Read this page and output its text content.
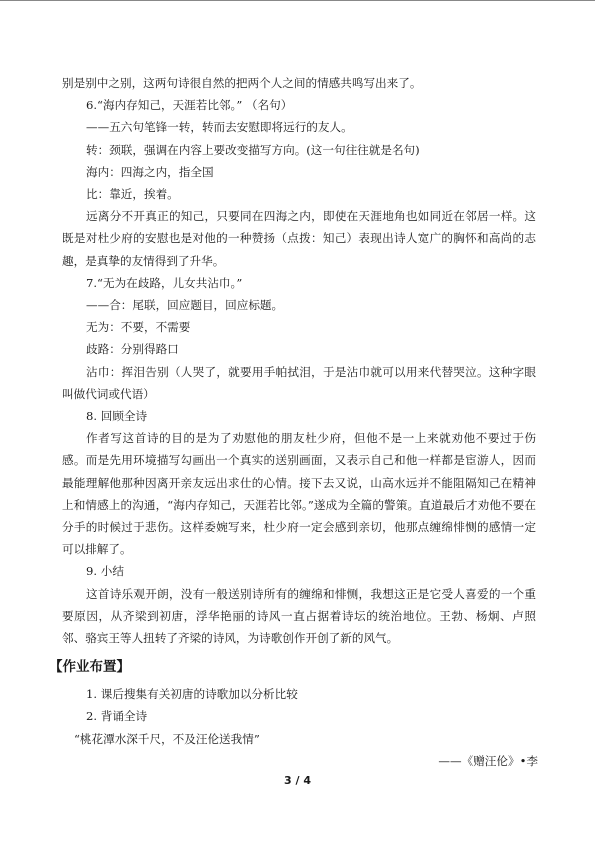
别是别中之别，这两句诗很自然的把两个人之间的情感共鸣写出来了。

6.“海内存知己，天涯若比邻。” （名句）

——五六句笔锋一转，转而去安慰即将远行的友人。

转：颈联，强调在内容上要改变描写方向。(这一句往往就是名句)

海内：四海之内，指全国

比：靠近，挨着。

远离分不开真正的知己，只要同在四海之内，即使在天涯地角也如同近在邻居一样。这既是对杜少府的安慰也是对他的一种赞扬（点拨：知己）表现出诗人宽广的胸怀和高尚的志趣，是真挚的友情得到了升华。

7.“无为在歧路，儿女共沾巾。”

——合：尾联，回应题目，回应标题。

无为：不要，不需要

歧路：分别得路口

沾巾：挥泪告别（人哭了，就要用手帕拭泪，于是沾巾就可以用来代替哭泣。这种字眼叫做代词或代语）

8. 回顾全诗

作者写这首诗的目的是为了劝慰他的朋友杜少府，但他不是一上来就劝他不要过于伤感。而是先用环境描写勾画出一个真实的送别画面，又表示自己和他一样都是宦游人，因而最能理解他那种因离开亲友远出求仕的心情。接下去又说，山高水远并不能阻隔知己在精神上和情感上的沟通，“海内存知己，天涯若比邻。”遂成为全篇的警策。直道最后才劝他不要在分手的时候过于悲伤。这样委婉写来，杜少府一定会感到亲切，他那点缠绵悱恻的感情一定可以排解了。

9. 小结

这首诗乐观开朗，没有一般送别诗所有的缠绵和悱恻，我想这正是它受人喜爱的一个重要原因，从齐梁到初唐，浮华艳丽的诗风一直占据着诗坛的统治地位。王勃、杨炯、卢照邻、骆宾王等人扭转了齐梁的诗风，为诗歌创作开创了新的风气。

【作业布置】

1. 课后搜集有关初唐的诗歌加以分析比较

2. 背诵全诗

“桃花潭水深千尺，不及汪伦送我情”

——《赠汪伦》•李

3 / 4
